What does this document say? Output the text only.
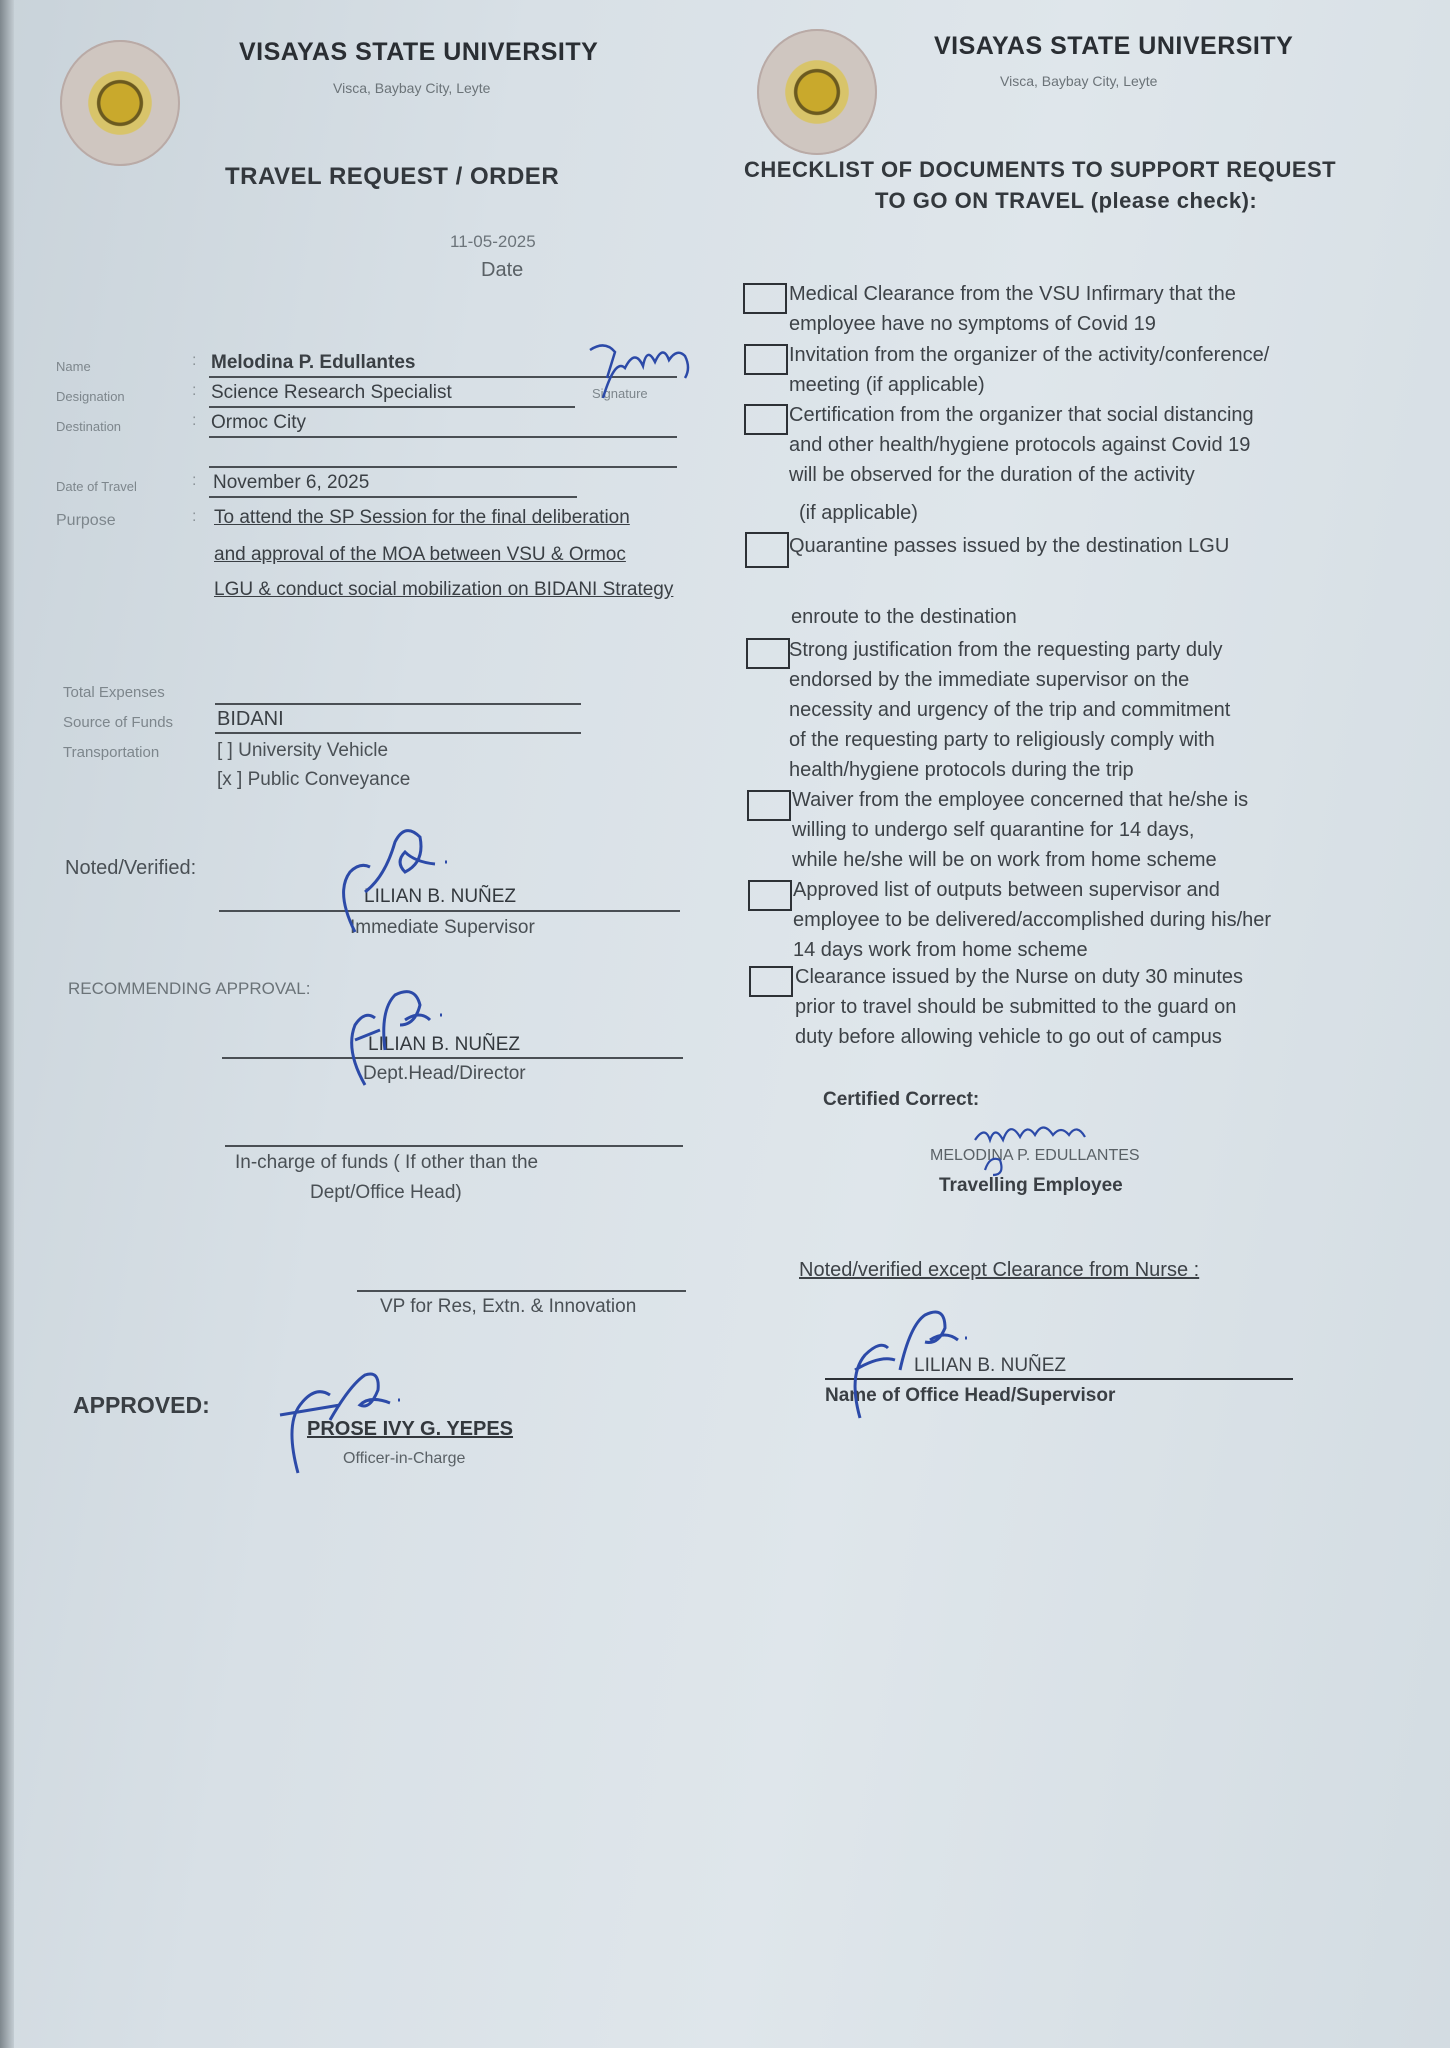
VISAYAS STATE UNIVERSITY
Visca, Baybay City, Leyte
TRAVEL REQUEST / ORDER
11-05-2025
Date
Name	: Melodina P. Edullantes
Signature
Designation	: Science Research Specialist
Destination	: Ormoc City
Date of Travel	: November 6, 2025
Purpose	: To attend the SP Session for the final deliberation
and approval of the MOA between VSU & Ormoc
LGU & conduct social mobilization on BIDANI Strategy
Total Expenses
Source of Funds BIDANI
Transportation	[ ] University Vehicle
[x ] Public Conveyance
Noted/Verified:
LILIAN B. NUÑEZ
Immediate Supervisor
RECOMMENDING APPROVAL:
LILIAN B. NUÑEZ
Dept.Head/Director
In-charge of funds ( If other than the
Dept/Office Head)
VP for Res, Extn. & Innovation
APPROVED:
PROSE IVY G. YEPES
Officer-in-Charge
VISAYAS STATE UNIVERSITY
Visca, Baybay City, Leyte
CHECKLIST OF DOCUMENTS TO SUPPORT REQUEST
TO GO ON TRAVEL (please check):
Medical Clearance from the VSU Infirmary that the
employee have no symptoms of Covid 19
Invitation from the organizer of the activity/conference/
meeting (if applicable)
Certification from the organizer that social distancing
and other health/hygiene protocols against Covid 19
will be observed for the duration of the activity
(if applicable)
Quarantine passes issued by the destination LGU
enroute to the destination
Strong justification from the requesting party duly
endorsed by the immediate supervisor on the
necessity and urgency of the trip and commitment
of the requesting party to religiously comply with
health/hygiene protocols during the trip
Waiver from the employee concerned that he/she is
willing to undergo self quarantine for 14 days,
while he/she will be on work from home scheme
Approved list of outputs between supervisor and
employee to be delivered/accomplished during his/her
14 days work from home scheme
Clearance issued by the Nurse on duty 30 minutes
prior to travel should be submitted to the guard on
duty before allowing vehicle to go out of campus
Certified Correct:
MELODINA P. EDULLANTES
Travelling Employee
Noted/verified except Clearance from Nurse :
LILIAN B. NUÑEZ
Name of Office Head/Supervisor
